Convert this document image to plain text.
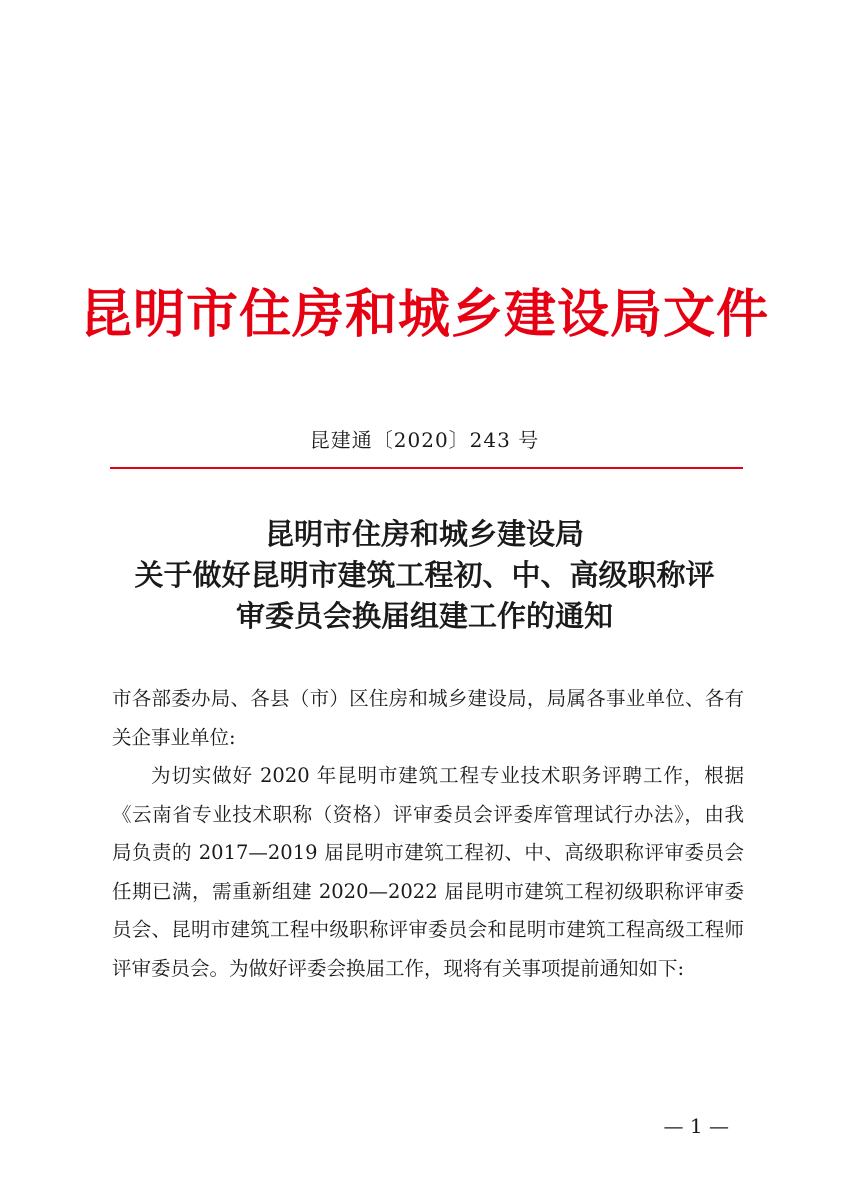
昆明市住房和城乡建设局文件
昆建通〔2020〕243 号
昆明市住房和城乡建设局
关于做好昆明市建筑工程初、中、高级职称评
审委员会换届组建工作的通知

市各部委办局、各县（市）区住房和城乡建设局，局属各事业单位、各有关企事业单位:

为切实做好 2020 年昆明市建筑工程专业技术职务评聘工作，根据《云南省专业技术职称（资格）评审委员会评委库管理试行办法》，由我局负责的 2017—2019 届昆明市建筑工程初、中、高级职称评审委员会任期已满，需重新组建 2020—2022 届昆明市建筑工程初级职称评审委员会、昆明市建筑工程中级职称评审委员会和昆明市建筑工程高级工程师评审委员会。为做好评委会换届工作，现将有关事项提前通知如下:

— 1 —
